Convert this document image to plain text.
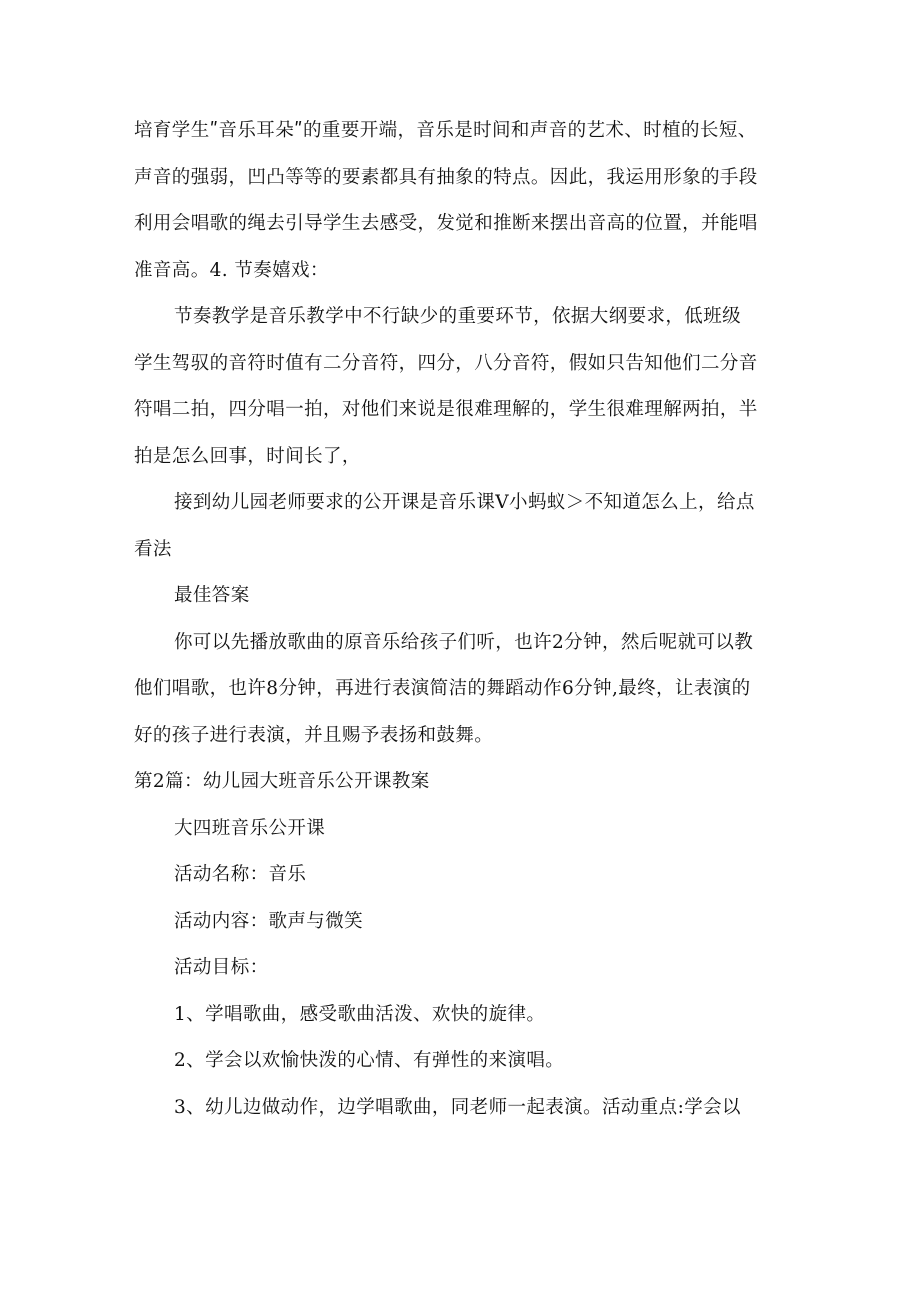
培育学生ʺ音乐耳朵ʺ的重要开端，音乐是时间和声音的艺术、时植的长短、

声音的强弱，凹凸等等的要素都具有抽象的特点。因此，我运用形象的手段

利用会唱歌的绳去引导学生去感受，发觉和推断来摆出音高的位置，并能唱

准音高。4. 节奏嬉戏：

节奏教学是音乐教学中不行缺少的重要环节，依据大纲要求，低班级

学生驾驭的音符时值有二分音符，四分，八分音符，假如只告知他们二分音

符唱二拍，四分唱一拍，对他们来说是很难理解的，学生很难理解两拍，半

拍是怎么回事，时间长了，

接到幼儿园老师要求的公开课是音乐课V小蚂蚁＞不知道怎么上，给点

看法

最佳答案

你可以先播放歌曲的原音乐给孩子们听，也许2分钟，然后呢就可以教

他们唱歌，也许8分钟，再进行表演简洁的舞蹈动作6分钟,最终，让表演的

好的孩子进行表演，并且赐予表扬和鼓舞。

第2篇：幼儿园大班音乐公开课教案

大四班音乐公开课

活动名称：音乐

活动内容：歌声与微笑

活动目标：

1、学唱歌曲，感受歌曲活泼、欢快的旋律。

2、学会以欢愉快泼的心情、有弹性的来演唱。

3、幼儿边做动作，边学唱歌曲，同老师一起表演。活动重点:学会以
